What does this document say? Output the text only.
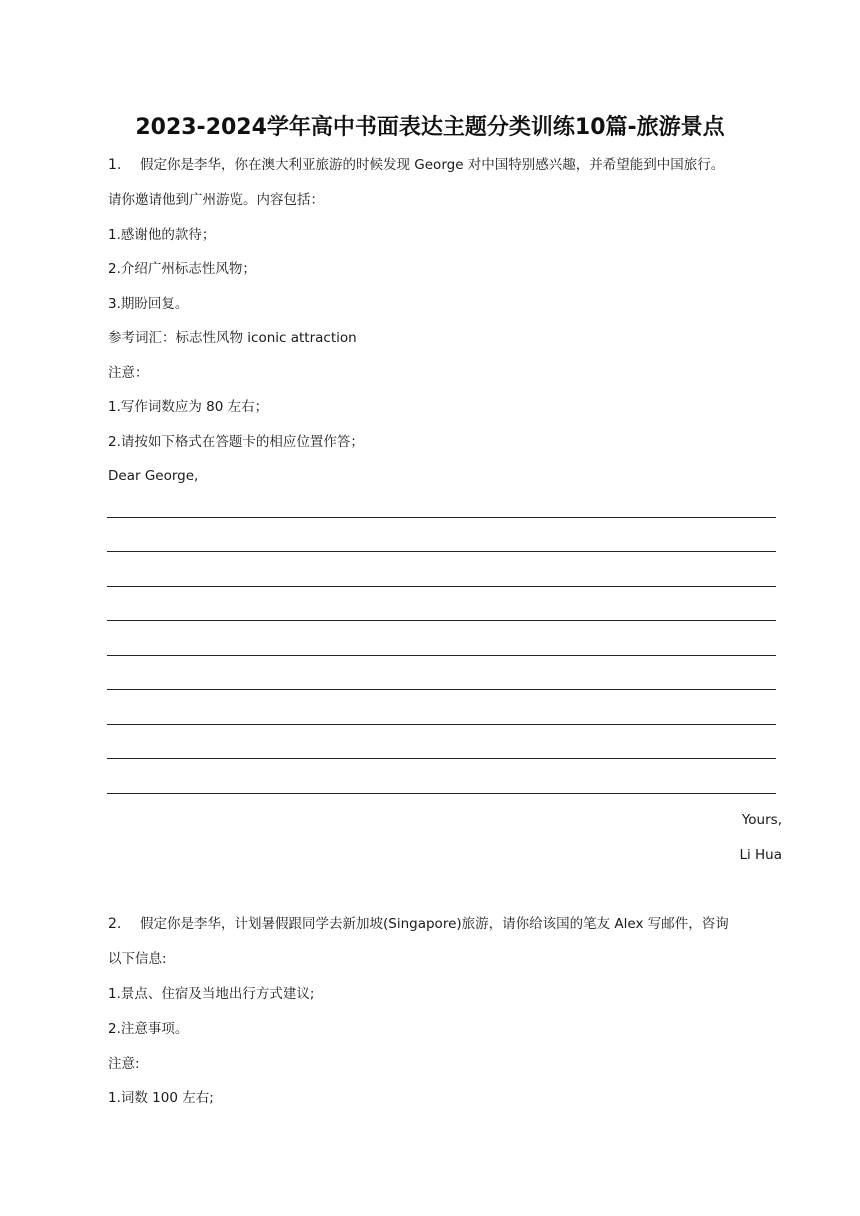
2023-2024学年高中书面表达主题分类训练10篇-旅游景点
1. 假定你是李华，你在澳大利亚旅游的时候发现 George 对中国特别感兴趣，并希望能到中国旅行。
请你邀请他到广州游览。内容包括：
1.感谢他的款待；
2.介绍广州标志性风物；
3.期盼回复。
参考词汇：标志性风物 iconic attraction
注意：
1.写作词数应为 80 左右；
2.请按如下格式在答题卡的相应位置作答；
Dear George,
Yours,
Li Hua
2. 假定你是李华，计划暑假跟同学去新加坡(Singapore)旅游，请你给该国的笔友 Alex 写邮件，咨询
以下信息:
1.景点、住宿及当地出行方式建议;
2.注意事项。
注意:
1.词数 100 左右;
